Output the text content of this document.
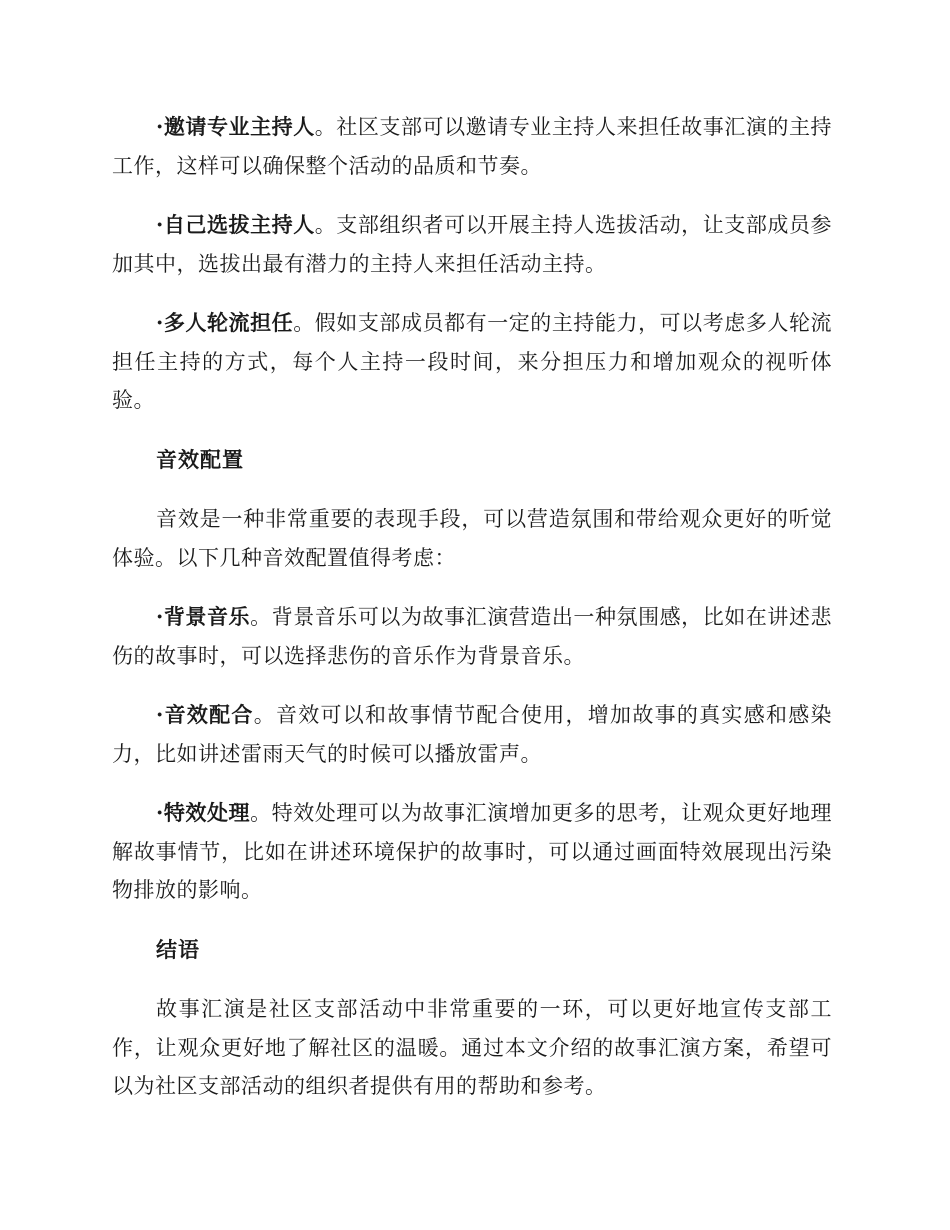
·邀请专业主持人。社区支部可以邀请专业主持人来担任故事汇演的主持工作，这样可以确保整个活动的品质和节奏。

·自己选拔主持人。支部组织者可以开展主持人选拔活动，让支部成员参加其中，选拔出最有潜力的主持人来担任活动主持。

·多人轮流担任。假如支部成员都有一定的主持能力，可以考虑多人轮流担任主持的方式，每个人主持一段时间，来分担压力和增加观众的视听体验。

音效配置

音效是一种非常重要的表现手段，可以营造氛围和带给观众更好的听觉体验。以下几种音效配置值得考虑：

·背景音乐。背景音乐可以为故事汇演营造出一种氛围感，比如在讲述悲伤的故事时，可以选择悲伤的音乐作为背景音乐。

·音效配合。音效可以和故事情节配合使用，增加故事的真实感和感染力，比如讲述雷雨天气的时候可以播放雷声。

·特效处理。特效处理可以为故事汇演增加更多的思考，让观众更好地理解故事情节，比如在讲述环境保护的故事时，可以通过画面特效展现出污染物排放的影响。

结语

故事汇演是社区支部活动中非常重要的一环，可以更好地宣传支部工作，让观众更好地了解社区的温暖。通过本文介绍的故事汇演方案，希望可以为社区支部活动的组织者提供有用的帮助和参考。
